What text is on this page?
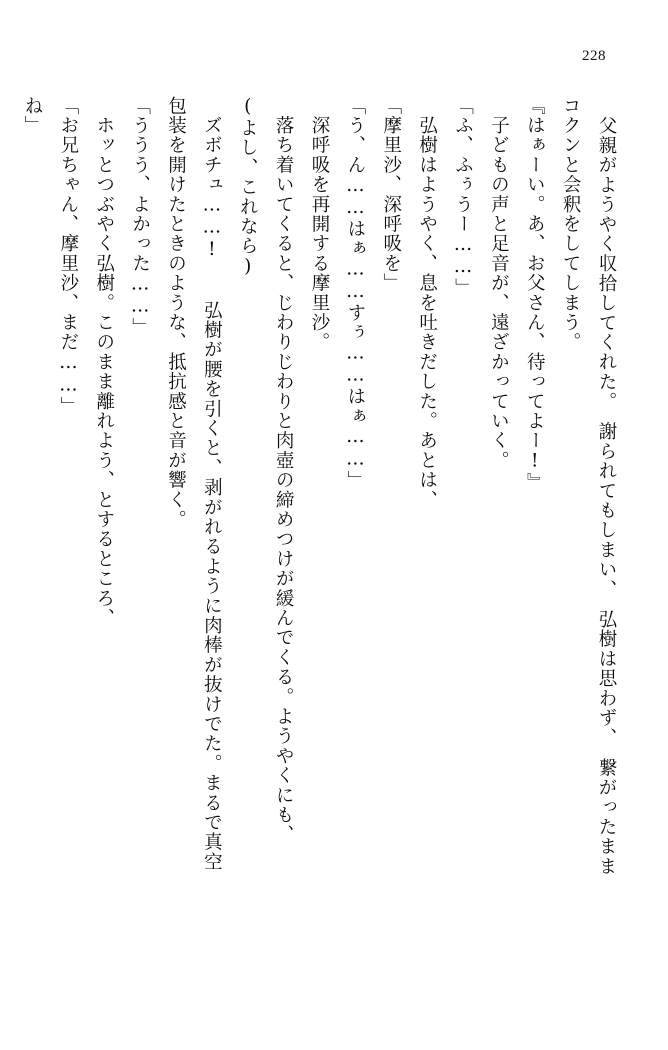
228

父親がようやく収拾してくれた。　謝られてもしまい、　弘樹は思わず、　繋がったまま

コクンと会釈をしてしまう。

『はぁーい。あ、お父さん、待ってよー!』

　子どもの声と足音が、遠ざかっていく。

「ふ、ふぅうー……」

　弘樹はようやく、息を吐きだした。あとは、

「摩里沙、深呼吸を」

「う、ん……はぁ……すぅ……はぁ……」

　深呼吸を再開する摩里沙。

　落ち着いてくると、じわりじわりと肉壺の締めつけが緩んでくる。ようやくにも、

(よし、これなら)

　ズボチュ……!　　弘樹が腰を引くと、剥がれるように肉棒が抜けでた。まるで真空

包装を開けたときのような、抵抗感と音が響く。

「ううう、よかった……」

　ホッとつぶやく弘樹。このまま離れよう、とするところ、

「お兄ちゃん、摩里沙、まだ……」

ね」
